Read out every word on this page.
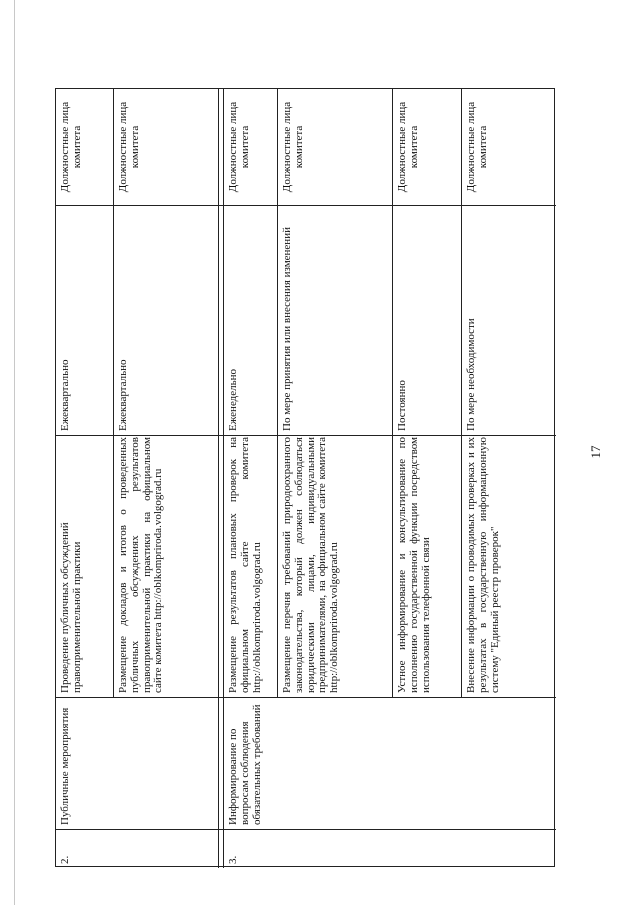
17
2.
Публичные мероприятия
Проведение публичных обсуждений правоприменительной практики
Ежеквартально
Должностные лица комитета
Размещение докладов и итогов о проведенных публичных обсуждениях результатов правоприменительной практики на официальном сайте комитета http://oblkompriroda.volgograd.ru
Ежеквартально
Должностные лица комитета
3.
Информирование по вопросам соблюдения обязательных требований
Размещение результатов плановых проверок на официальном сайте комитета http://oblkompriroda.volgograd.ru
Еженедельно
Должностные лица комитета
Размещение перечня требований природоохранного законодательства, который должен соблюдаться юридическими лицами, индивидуальными предпринимателями, на официальном сайте комитета http://oblkompriroda.volgograd.ru
По мере принятия или внесения изменений
Должностные лица комитета
Устное информирование и консультирование по исполнению государственной функции посредством использования телефонной связи
Постоянно
Должностные лица комитета
Внесение информации о проводимых проверках и их результатах в государственную информационную систему "Единый реестр проверок"
По мере необходимости
Должностные лица комитета
